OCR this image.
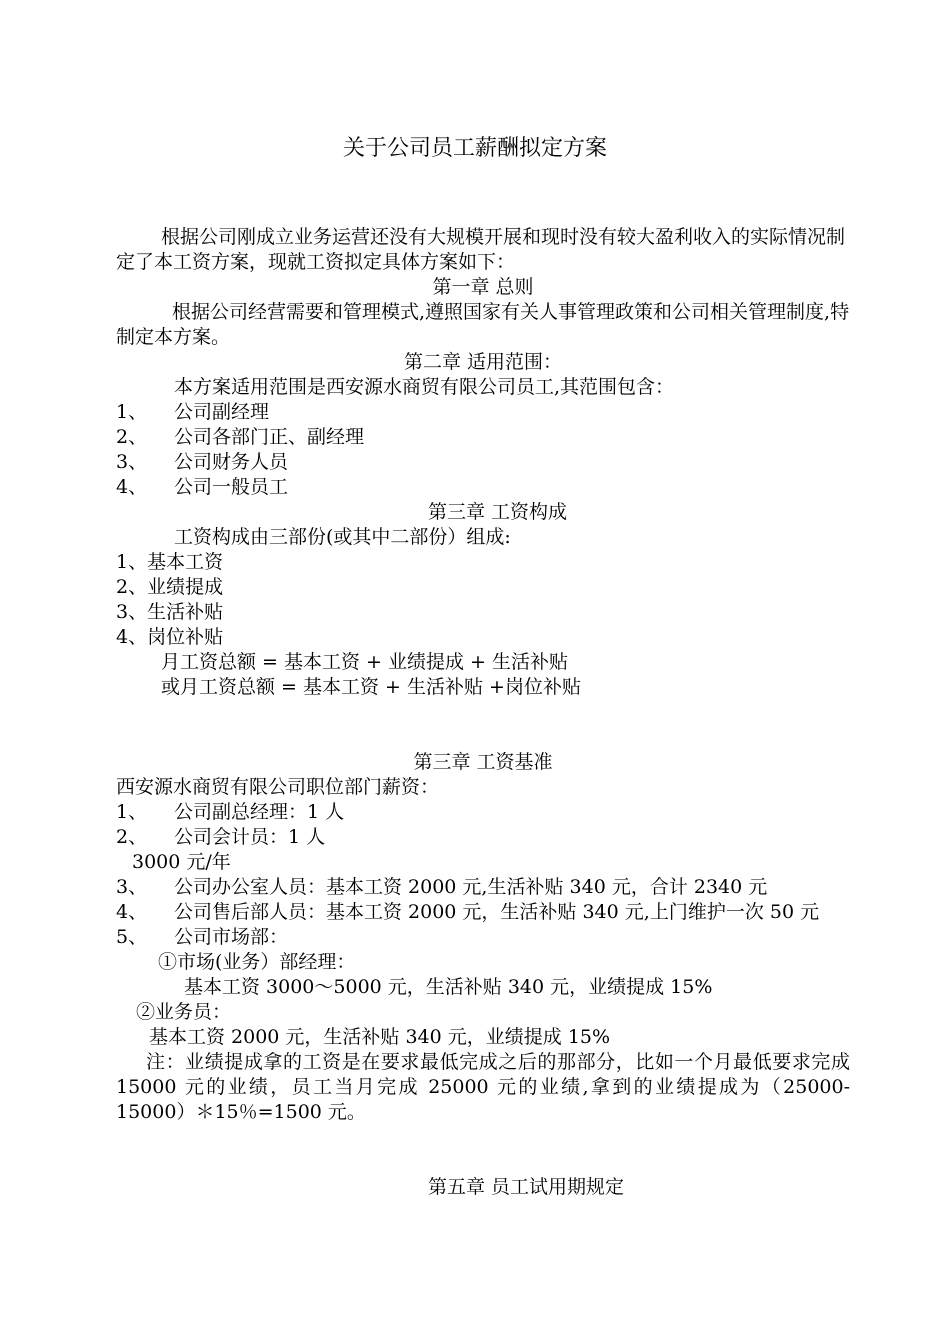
关于公司员工薪酬拟定方案
根据公司刚成立业务运营还没有大规模开展和现时没有较大盈利收入的实际情况制定了本工资方案，现就工资拟定具体方案如下：
第一章 总则
根据公司经营需要和管理模式,遵照国家有关人事管理政策和公司相关管理制度,特制定本方案。
第二章 适用范围：
本方案适用范围是西安源水商贸有限公司员工,其范围包含：
1、	公司副经理
2、	公司各部门正、副经理
3、	公司财务人员
4、	公司一般员工
第三章 工资构成
工资构成由三部份(或其中二部份）组成:
1、基本工资
2、业绩提成
3、生活补贴
4、岗位补贴
月工资总额 = 基本工资 + 业绩提成 + 生活补贴
或月工资总额 = 基本工资 + 生活补贴 +岗位补贴
第三章 工资基准
西安源水商贸有限公司职位部门薪资：
1、	公司副总经理：1 人
2、	公司会计员：1 人
3000 元/年
3、	公司办公室人员：基本工资 2000 元,生活补贴 340 元，合计 2340 元
4、	公司售后部人员：基本工资 2000 元，生活补贴 340 元,上门维护一次 50 元
5、	公司市场部：
①市场(业务）部经理：
基本工资 3000～5000 元，生活补贴 340 元，业绩提成 15%
②业务员：
基本工资 2000 元，生活补贴 340 元，业绩提成 15%
注：业绩提成拿的工资是在要求最低完成之后的那部分，比如一个月最低要求完成 15000 元的业绩，员工当月完成 25000 元的业绩,拿到的业绩提成为（25000-15000）＊15％=1500 元。
第五章 员工试用期规定
